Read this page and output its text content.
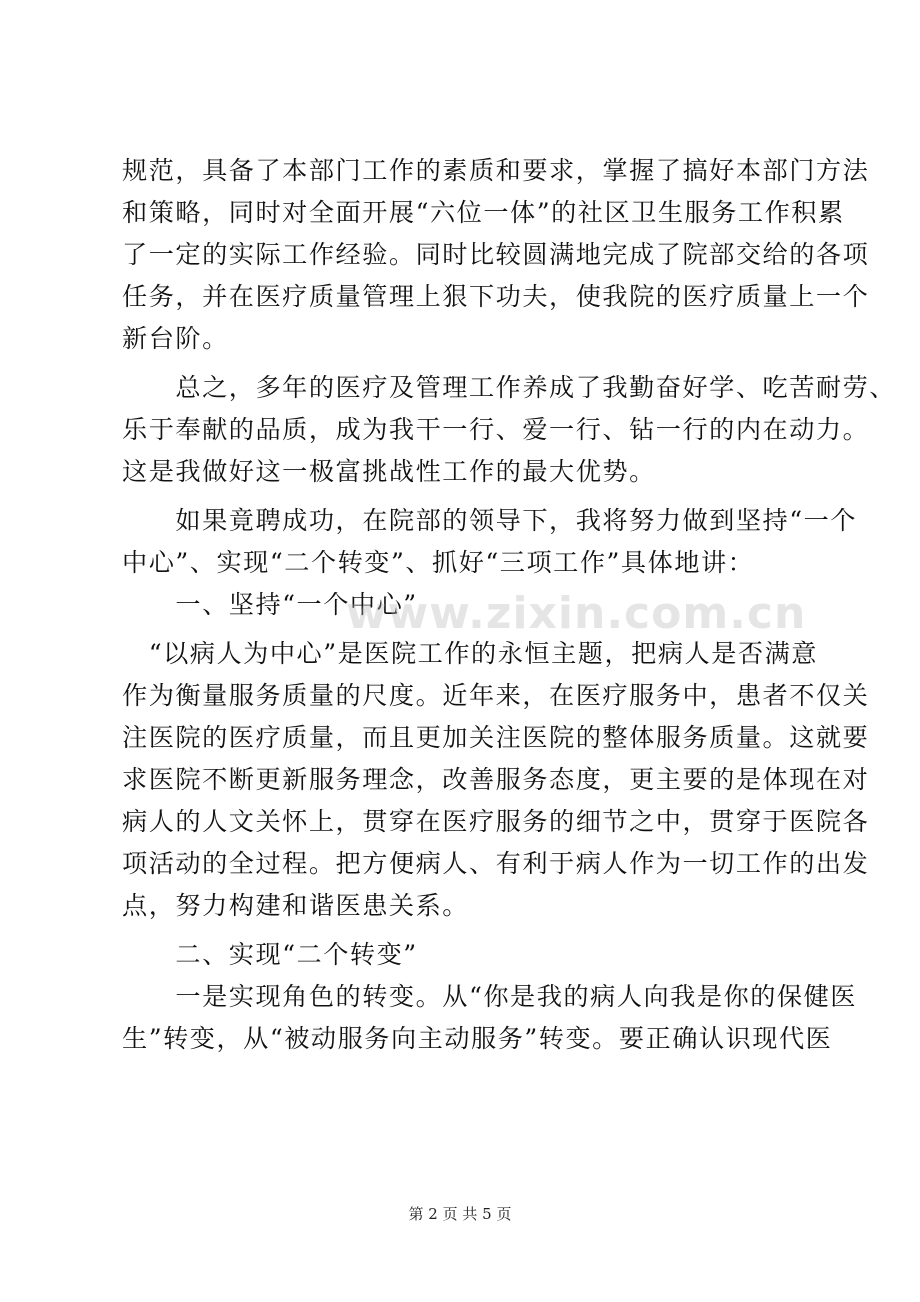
规范，具备了本部门工作的素质和要求，掌握了搞好本部门方法
和策略，同时对全面开展“六位一体”的社区卫生服务工作积累
了一定的实际工作经验。同时比较圆满地完成了院部交给的各项
任务，并在医疗质量管理上狠下功夫，使我院的医疗质量上一个
新台阶。
　　总之，多年的医疗及管理工作养成了我勤奋好学、吃苦耐劳、
乐于奉献的品质，成为我干一行、爱一行、钻一行的内在动力。
这是我做好这一极富挑战性工作的最大优势。
　　如果竟聘成功，在院部的领导下，我将努力做到坚持“一个
中心”、实现“二个转变”、抓好“三项工作”具体地讲：
　　一、坚持“一个中心”
　“以病人为中心”是医院工作的永恒主题，把病人是否满意
作为衡量服务质量的尺度。近年来，在医疗服务中，患者不仅关
注医院的医疗质量，而且更加关注医院的整体服务质量。这就要
求医院不断更新服务理念，改善服务态度，更主要的是体现在对
病人的人文关怀上，贯穿在医疗服务的细节之中，贯穿于医院各
项活动的全过程。把方便病人、有利于病人作为一切工作的出发
点，努力构建和谐医患关系。
　　二、实现“二个转变”
　　一是实现角色的转变。从“你是我的病人向我是你的保健医
生”转变，从“被动服务向主动服务”转变。要正确认识现代医
www.zixin.com.cn
第 2 页 共 5 页
